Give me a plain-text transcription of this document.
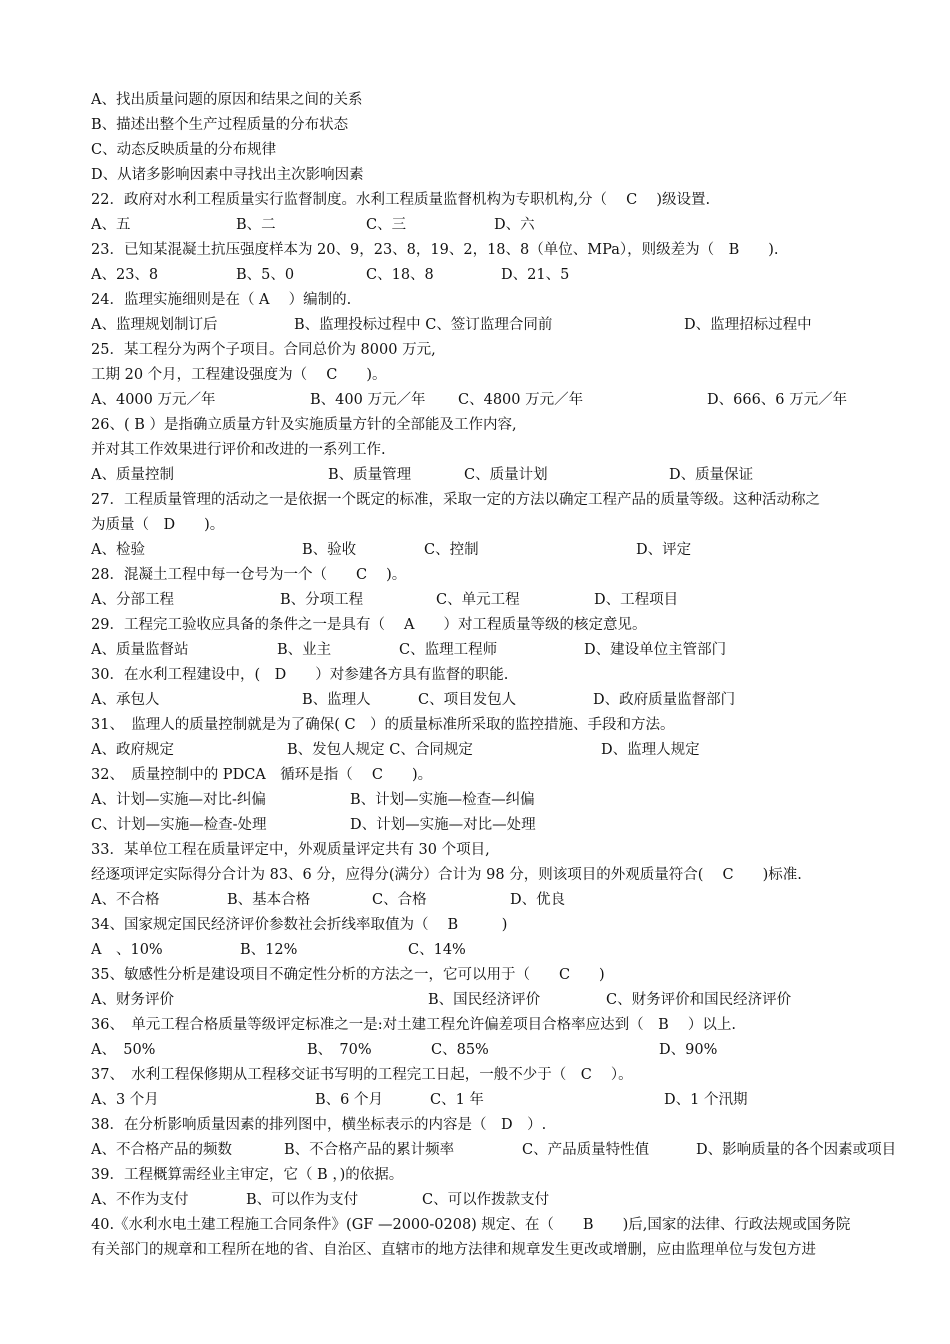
A、找出质量问题的原因和结果之间的关系
B、描述出整个生产过程质量的分布状态
C、动态反映质量的分布规律
D、从诸多影响因素中寻找出主次影响因素
22．政府对水利工程质量实行监督制度。水利工程质量监督机构为专职机构,分（　 C　 )级设置.
A、五	B、二	C、三	D、六
23．已知某混凝土抗压强度样本为 20、9，23、8，19、2，18、8（单位、MPa），则级差为（　B　　).
A、23、8	B、5、0	C、18、8	D、21、5
24．监理实施细则是在（ A　 ）编制的.
A、监理规划制订后	B、监理投标过程中 C、签订监理合同前	D、监理招标过程中
25．某工程分为两个子项目。合同总价为 8000 万元,
工期 20 个月，工程建设强度为（　 C　　)。
A、4000 万元／年	B、400 万元／年 C、4800 万元／年	D、666、6 万元／年
26、( B ）是指确立质量方针及实施质量方针的全部能及工作内容,
并对其工作效果进行评价和改进的一系列工作.
A、质量控制	B、质量管理	C、质量计划	D、质量保证
27．工程质量管理的活动之一是依据一个既定的标准，采取一定的方法以确定工程产品的质量等级。这种活动称之
为质量（　D　　)。
A、检验	B、验收	C、控制	D、评定
28．混凝土工程中每一仓号为一个（　　C　 )。
A、分部工程	B、分项工程	C、单元工程	D、工程项目
29．工程完工验收应具备的条件之一是具有（　 A　　）对工程质量等级的核定意见。
A、质量监督站	B、业主	C、监理工程师	D、建设单位主管部门
30．在水利工程建设中，(　D　　）对参建各方具有监督的职能.
A、承包人	B、监理人	C、项目发包人	D、政府质量监督部门
31、　监理人的质量控制就是为了确保( C　）的质量标准所采取的监控措施、手段和方法。
A、政府规定	B、发包人规定 C、合同规定	D、监理人规定
32、　质量控制中的 PDCA　循环是指（　 C　　)。
A、计划—实施—对比-纠偏	B、计划—实施—检查—纠偏
C、计划—实施—检查-处理	D、计划—实施—对比—处理
33．某单位工程在质量评定中，外观质量评定共有 30 个项目,
经逐项评定实际得分合计为 83、6 分，应得分(满分）合计为 98 分，则该项目的外观质量符合(　 C　　)标准.
A、不合格	B、基本合格	C、合格	D、优良
34、国家规定国民经济评价参数社会折线率取值为（　 B　　　)
A　、10%	B、12%	C、14%
35、敏感性分析是建设项目不确定性分析的方法之一，它可以用于（　　C　　)
A、财务评价	B、国民经济评价	C、财务评价和国民经济评价
36、　单元工程合格质量等级评定标准之一是:对土建工程允许偏差项目合格率应达到（　B　 ）以上.
A、　50%	B、　70%	C、85%	D、90%
37、　水利工程保修期从工程移交证书写明的工程完工日起，一般不少于（　C　 ）。
A、3 个月	B、6 个月	C、1 年	D、1 个汛期
38．在分析影响质量因素的排列图中，横坐标表示的内容是（　D　）.
A、不合格产品的频数	B、不合格产品的累计频率	C、产品质量特性值	D、影响质量的各个因素或项目
39．工程概算需经业主审定，它（ B ，)的依据。
A、不作为支付	B、可以作为支付	C、可以作拨款支付
40.《水利水电土建工程施工合同条件》(GF —2000-0208) 规定、在（　　B　　)后,国家的法律、行政法规或国务院
有关部门的规章和工程所在地的省、自治区、直辖市的地方法律和规章发生更改或增删，应由监理单位与发包方进
